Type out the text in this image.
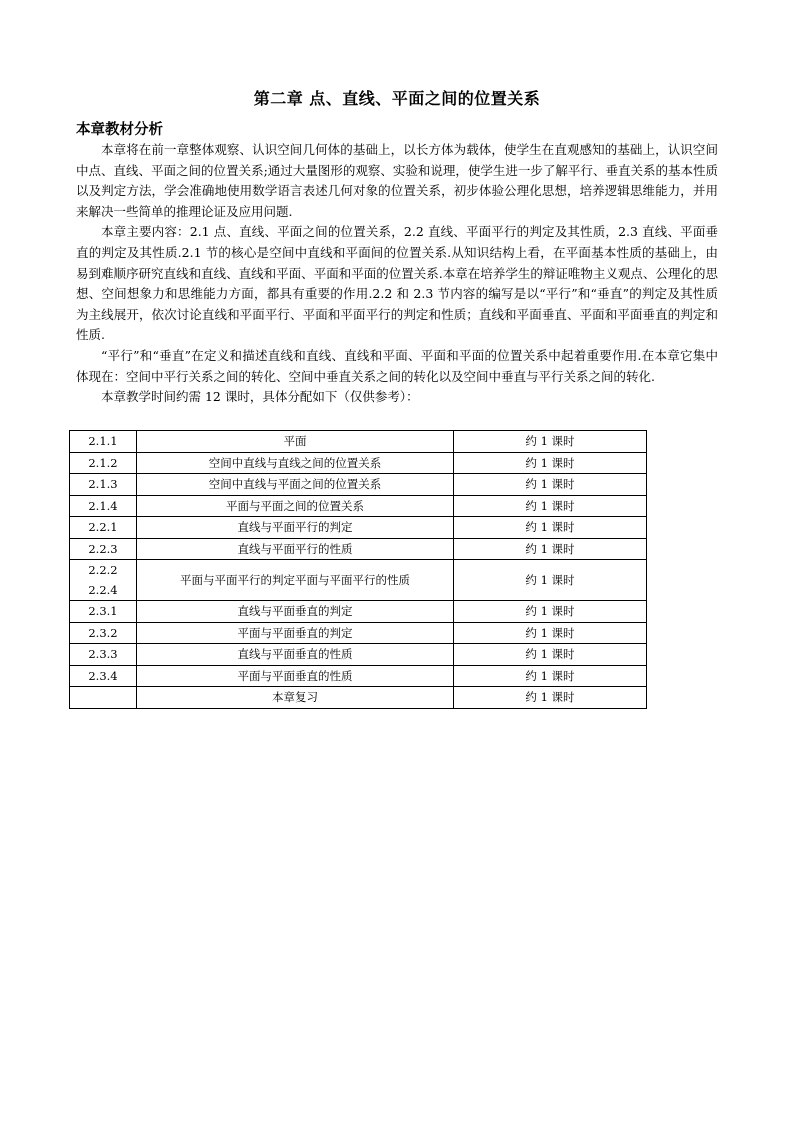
第二章 点、直线、平面之间的位置关系
本章教材分析

本章将在前一章整体观察、认识空间几何体的基础上，以长方体为载体，使学生在直观感知的基础上，认识空间中点、直线、平面之间的位置关系;通过大量图形的观察、实验和说理，使学生进一步了解平行、垂直关系的基本性质以及判定方法，学会准确地使用数学语言表述几何对象的位置关系，初步体验公理化思想，培养逻辑思维能力，并用来解决一些简单的推理论证及应用问题.

本章主要内容：2.1 点、直线、平面之间的位置关系，2.2 直线、平面平行的判定及其性质，2.3 直线、平面垂直的判定及其性质.2.1 节的核心是空间中直线和平面间的位置关系.从知识结构上看，在平面基本性质的基础上，由易到难顺序研究直线和直线、直线和平面、平面和平面的位置关系.本章在培养学生的辩证唯物主义观点、公理化的思想、空间想象力和思维能力方面，都具有重要的作用.2.2 和 2.3 节内容的编写是以“平行”和“垂直”的判定及其性质为主线展开，依次讨论直线和平面平行、平面和平面平行的判定和性质；直线和平面垂直、平面和平面垂直的判定和性质.

“平行”和“垂直”在定义和描述直线和直线、直线和平面、平面和平面的位置关系中起着重要作用.在本章它集中体现在：空间中平行关系之间的转化、空间中垂直关系之间的转化以及空间中垂直与平行关系之间的转化.

本章教学时间约需 12 课时，具体分配如下（仅供参考）：

2.1.1	平面	约 1 课时
2.1.2	空间中直线与直线之间的位置关系	约 1 课时
2.1.3	空间中直线与平面之间的位置关系	约 1 课时
2.1.4	平面与平面之间的位置关系	约 1 课时
2.2.1	直线与平面平行的判定	约 1 课时
2.2.3	直线与平面平行的性质	约 1 课时

2.2.2
2.2.4	平面与平面平行的判定平面与平面平行的性质	约 1 课时
2.3.1	直线与平面垂直的判定	约 1 课时
2.3.2	平面与平面垂直的判定	约 1 课时
2.3.3	直线与平面垂直的性质	约 1 课时
2.3.4	平面与平面垂直的性质	约 1 课时
	本章复习	约 1 课时
